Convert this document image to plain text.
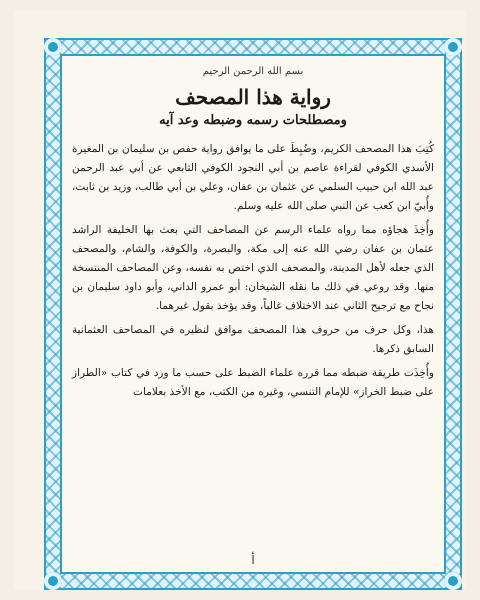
بسم الله الرحمن الرحيم
رواية هذا المصحف
ومصطلحات رسمه وضبطه وعد آيه

كُتِبَ هذا المصحف الكريم، وضُبِطَ على ما يوافق رواية حفص بن سليمان بن المغيرة الأسدي الكوفي لقراءة عاصم بن أبي النجود الكوفي التابعي عن أبي عبد الرحمن عبد الله ابن حبيب السلمي عن عثمان بن عفان، وعلي بن أبي طالب، وزيد بن ثابت، وأُبيّ ابن كعب عن النبي صلى الله عليه وسلم.

وأُخِذَ هجاؤه مما رواه علماء الرسم عن المصاحف التي بعث بها الخليفة الراشد عثمان بن عفان رضي الله عنه إلى مكة، والبصرة، والكوفة، والشام، والمصحف الذي جعله لأهل المدينة، والمصحف الذي اختص به نفسه، وعن المصاحف المنتسخة منها. وقد روعي في ذلك ما نقله الشيخان: أبو عمرو الداني، وأبو داود سليمان بن نجاح مع ترجيح الثاني عند الاختلاف غالباً، وقد يؤخذ بقول غيرهما.

هذا، وكل حرف من حروف هذا المصحف موافق لنظيره في المصاحف العثمانية السابق ذكرها.

وأُخِذَت طريقة ضبطه مما قرره علماء الضبط على حسب ما ورد في كتاب «الطراز على ضبط الخراز» للإمام التنسي، وغيره من الكتب، مع الأخذ بعلامات

أ
